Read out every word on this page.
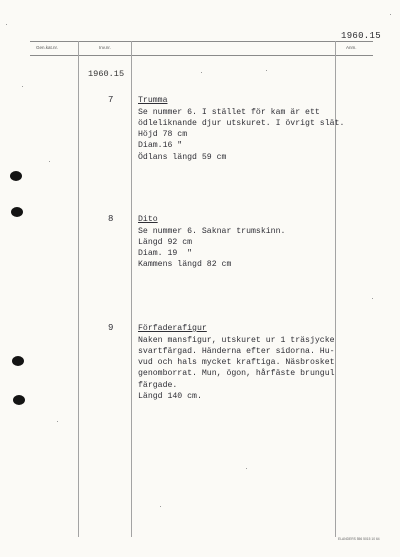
1960.15
Gen.kat.nr.	Inv.nr.	Anm.
1960.15
7	Trumma
Se nummer 6. I stället för kam är ett
ödleliknande djur utskuret. I övrigt slät.
Höjd 78 cm
Diam.16 "
Ödlans längd 59 cm
8	Dito
Se nummer 6. Saknar trumskinn.
Längd 92 cm
Diam. 19  "
Kammens längd 82 cm
9	Förfaderafigur
Naken mansfigur, utskuret ur 1 träsjycke
svartfärgad. Händerna efter sidorna. Hu-
vud och hals mycket kraftiga. Näsbrosket
genomborrat. Mun, ögon, hårfäste brungul
färgade.
Längd 140 cm.
ELANDERS 556 5015 10 64
